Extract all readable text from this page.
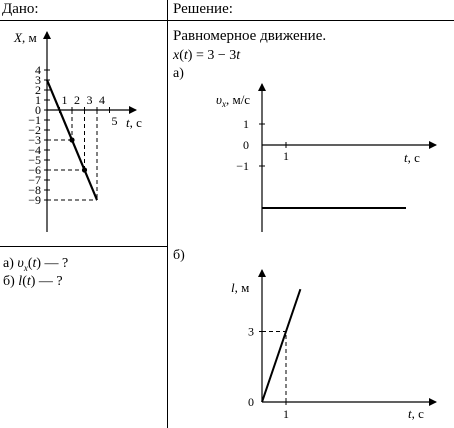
Дано:	Решение:
Равномерное движение.
x(t) = 3 − 3t
а)
б)
а) $\upsilon_x(t)$ — ?
б) l(t) — ?
X, м
t, с
1 2 3 4
5
4
3
2
1
0
−1
−2
−3
−4
−5
−6
−7
−8
−9
$\upsilon_x$, м/с
t, с
1
1
0
−1
l, м
t, с
1
3
0
